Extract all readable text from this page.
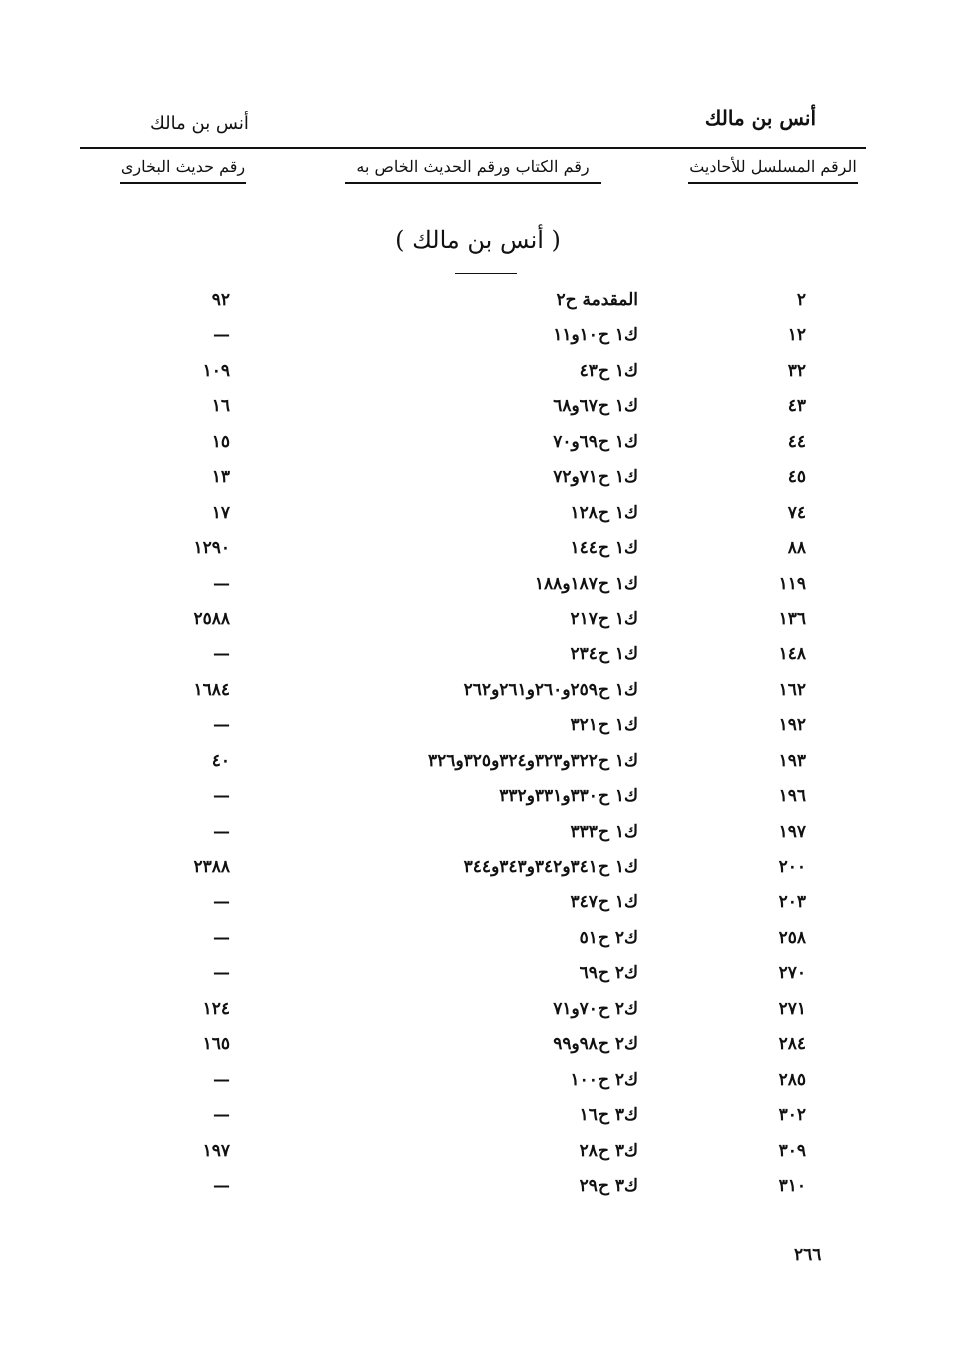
أنس بن مالك
أنس بن مالك
الرقم المسلسل للأحاديث
رقم الكتاب ورقم الحديث الخاص به
رقم حديث البخارى
( أنس بن مالك )
٢
المقدمة ح٢
٩٢
١٢
ك١ ح١٠و١١
—
٣٢
ك١ ح٤٣
١٠٩
٤٣
ك١ ح٦٧و٦٨
١٦
٤٤
ك١ ح٦٩و٧٠
١٥
٤٥
ك١ ح٧١و٧٢
١٣
٧٤
ك١ ح١٢٨
١٧
٨٨
ك١ ح١٤٤
١٢٩٠
١١٩
ك١ ح١٨٧و١٨٨
—
١٣٦
ك١ ح٢١٧
٢٥٨٨
١٤٨
ك١ ح٢٣٤
—
١٦٢
ك١ ح٢٥٩و٢٦٠و٢٦١و٢٦٢
١٦٨٤
١٩٢
ك١ ح٣٢١
—
١٩٣
ك١ ح٣٢٢و٣٢٣و٣٢٤و٣٢٥و٣٢٦
٤٠
١٩٦
ك١ ح٣٣٠و٣٣١و٣٣٢
—
١٩٧
ك١ ح٣٣٣
—
٢٠٠
ك١ ح٣٤١و٣٤٢و٣٤٣و٣٤٤
٢٣٨٨
٢٠٣
ك١ ح٣٤٧
—
٢٥٨
ك٢ ح٥١
—
٢٧٠
ك٢ ح٦٩
—
٢٧١
ك٢ ح٧٠و٧١
١٢٤
٢٨٤
ك٢ ح٩٨و٩٩
١٦٥
٢٨٥
ك٢ ح١٠٠
—
٣٠٢
ك٣ ح١٦
—
٣٠٩
ك٣ ح٢٨
١٩٧
٣١٠
ك٣ ح٢٩
—
٢٦٦
